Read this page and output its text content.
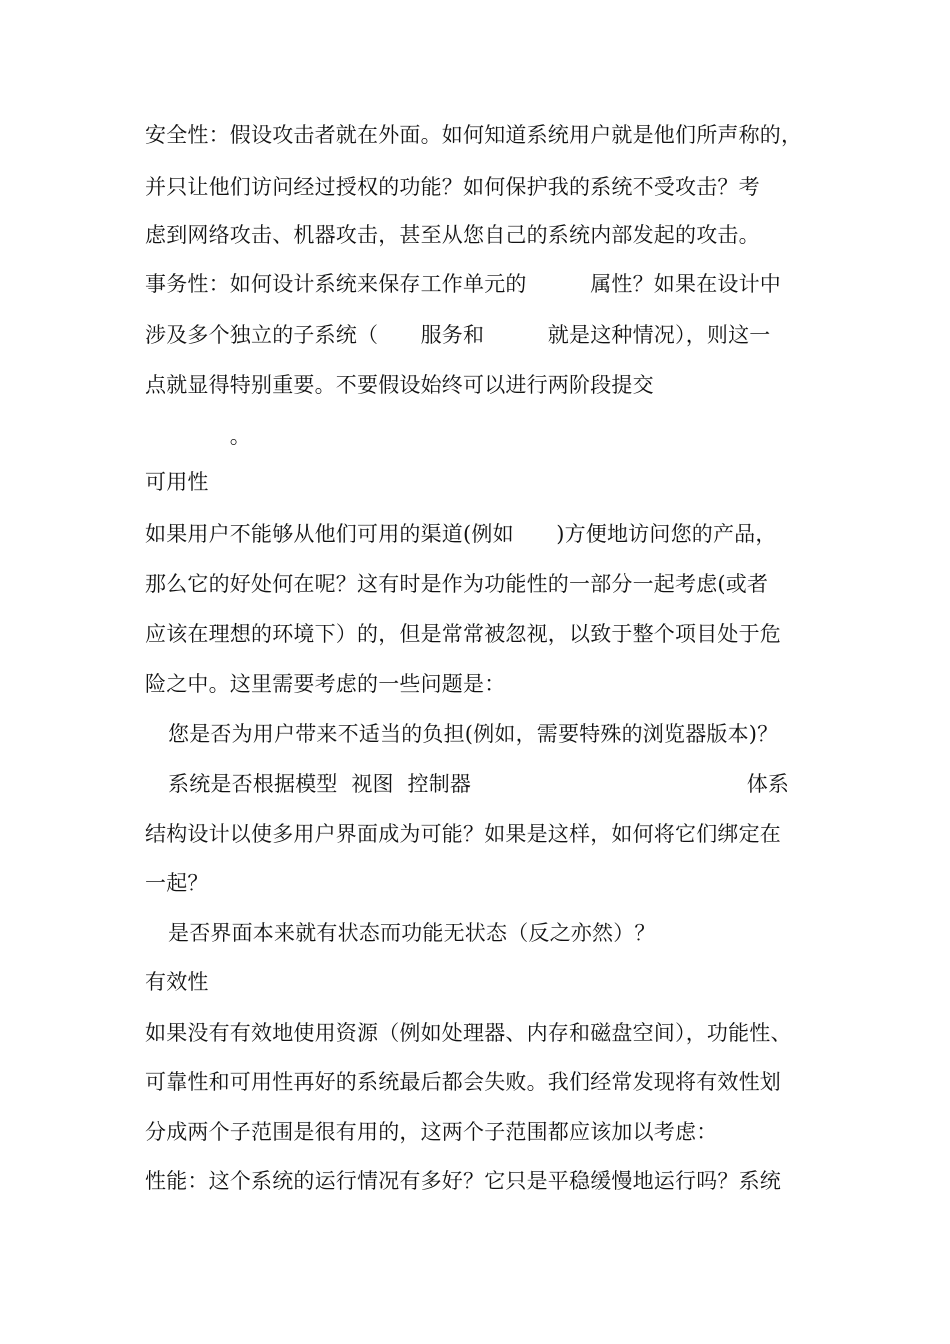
安全性：假设攻击者就在外面。如何知道系统用户就是他们所声称的，
并只让他们访问经过授权的功能？如何保护我的系统不受攻击？考
虑到网络攻击、机器攻击，甚至从您自己的系统内部发起的攻击。
事务性：如何设计系统来保存工作单元的　　　属性？如果在设计中
涉及多个独立的子系统（　　服务和　　　就是这种情况），则这一
点就显得特别重要。不要假设始终可以进行两阶段提交
　　　　。
可用性
如果用户不能够从他们可用的渠道(例如　　)方便地访问您的产品，
那么它的好处何在呢？这有时是作为功能性的一部分一起考虑(或者
应该在理想的环境下）的，但是常常被忽视，以致于整个项目处于危
险之中。这里需要考虑的一些问题是：
您是否为用户带来不适当的负担(例如，需要特殊的浏览器版本)？
系统是否根据模型  视图  控制器　　　　　　　　　　　　　体系
结构设计以使多用户界面成为可能？如果是这样，如何将它们绑定在
一起？
是否界面本来就有状态而功能无状态（反之亦然）？
有效性
如果没有有效地使用资源（例如处理器、内存和磁盘空间），功能性、
可靠性和可用性再好的系统最后都会失败。我们经常发现将有效性划
分成两个子范围是很有用的，这两个子范围都应该加以考虑：
性能：这个系统的运行情况有多好？它只是平稳缓慢地运行吗？系统
